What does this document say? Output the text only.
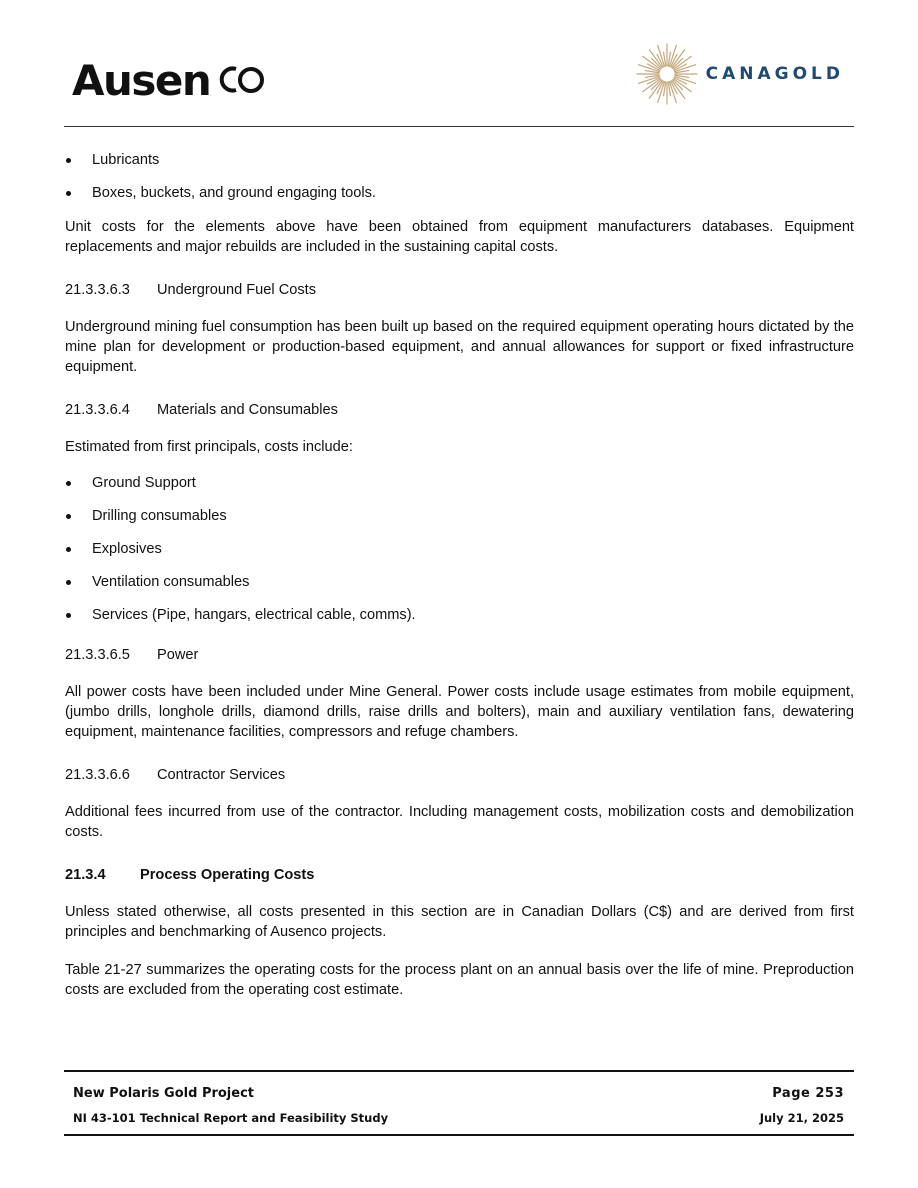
Ausen	CANAGOLD
Lubricants
Boxes, buckets, and ground engaging tools.

Unit costs for the elements above have been obtained from equipment manufacturers databases. Equipment replacements and major rebuilds are included in the sustaining capital costs.

21.3.3.6.3	Underground Fuel Costs

Underground mining fuel consumption has been built up based on the required equipment operating hours dictated by the mine plan for development or production-based equipment, and annual allowances for support or fixed infrastructure equipment.

21.3.3.6.4	Materials and Consumables

Estimated from first principals, costs include:

Ground Support
Drilling consumables
Explosives
Ventilation consumables
Services (Pipe, hangars, electrical cable, comms).
21.3.3.6.5	Power

All power costs have been included under Mine General. Power costs include usage estimates from mobile equipment, (jumbo drills, longhole drills, diamond drills, raise drills and bolters), main and auxiliary ventilation fans, dewatering equipment, maintenance facilities, compressors and refuge chambers.

21.3.3.6.6	Contractor Services

Additional fees incurred from use of the contractor. Including management costs, mobilization costs and demobilization costs.

21.3.4	Process Operating Costs

Unless stated otherwise, all costs presented in this section are in Canadian Dollars (C$) and are derived from first principles and benchmarking of Ausenco projects.

Table 21-27 summarizes the operating costs for the process plant on an annual basis over the life of mine. Preproduction costs are excluded from the operating cost estimate.

New Polaris Gold Project
NI 43-101 Technical Report and Feasibility Study
Page 253
July 21, 2025
